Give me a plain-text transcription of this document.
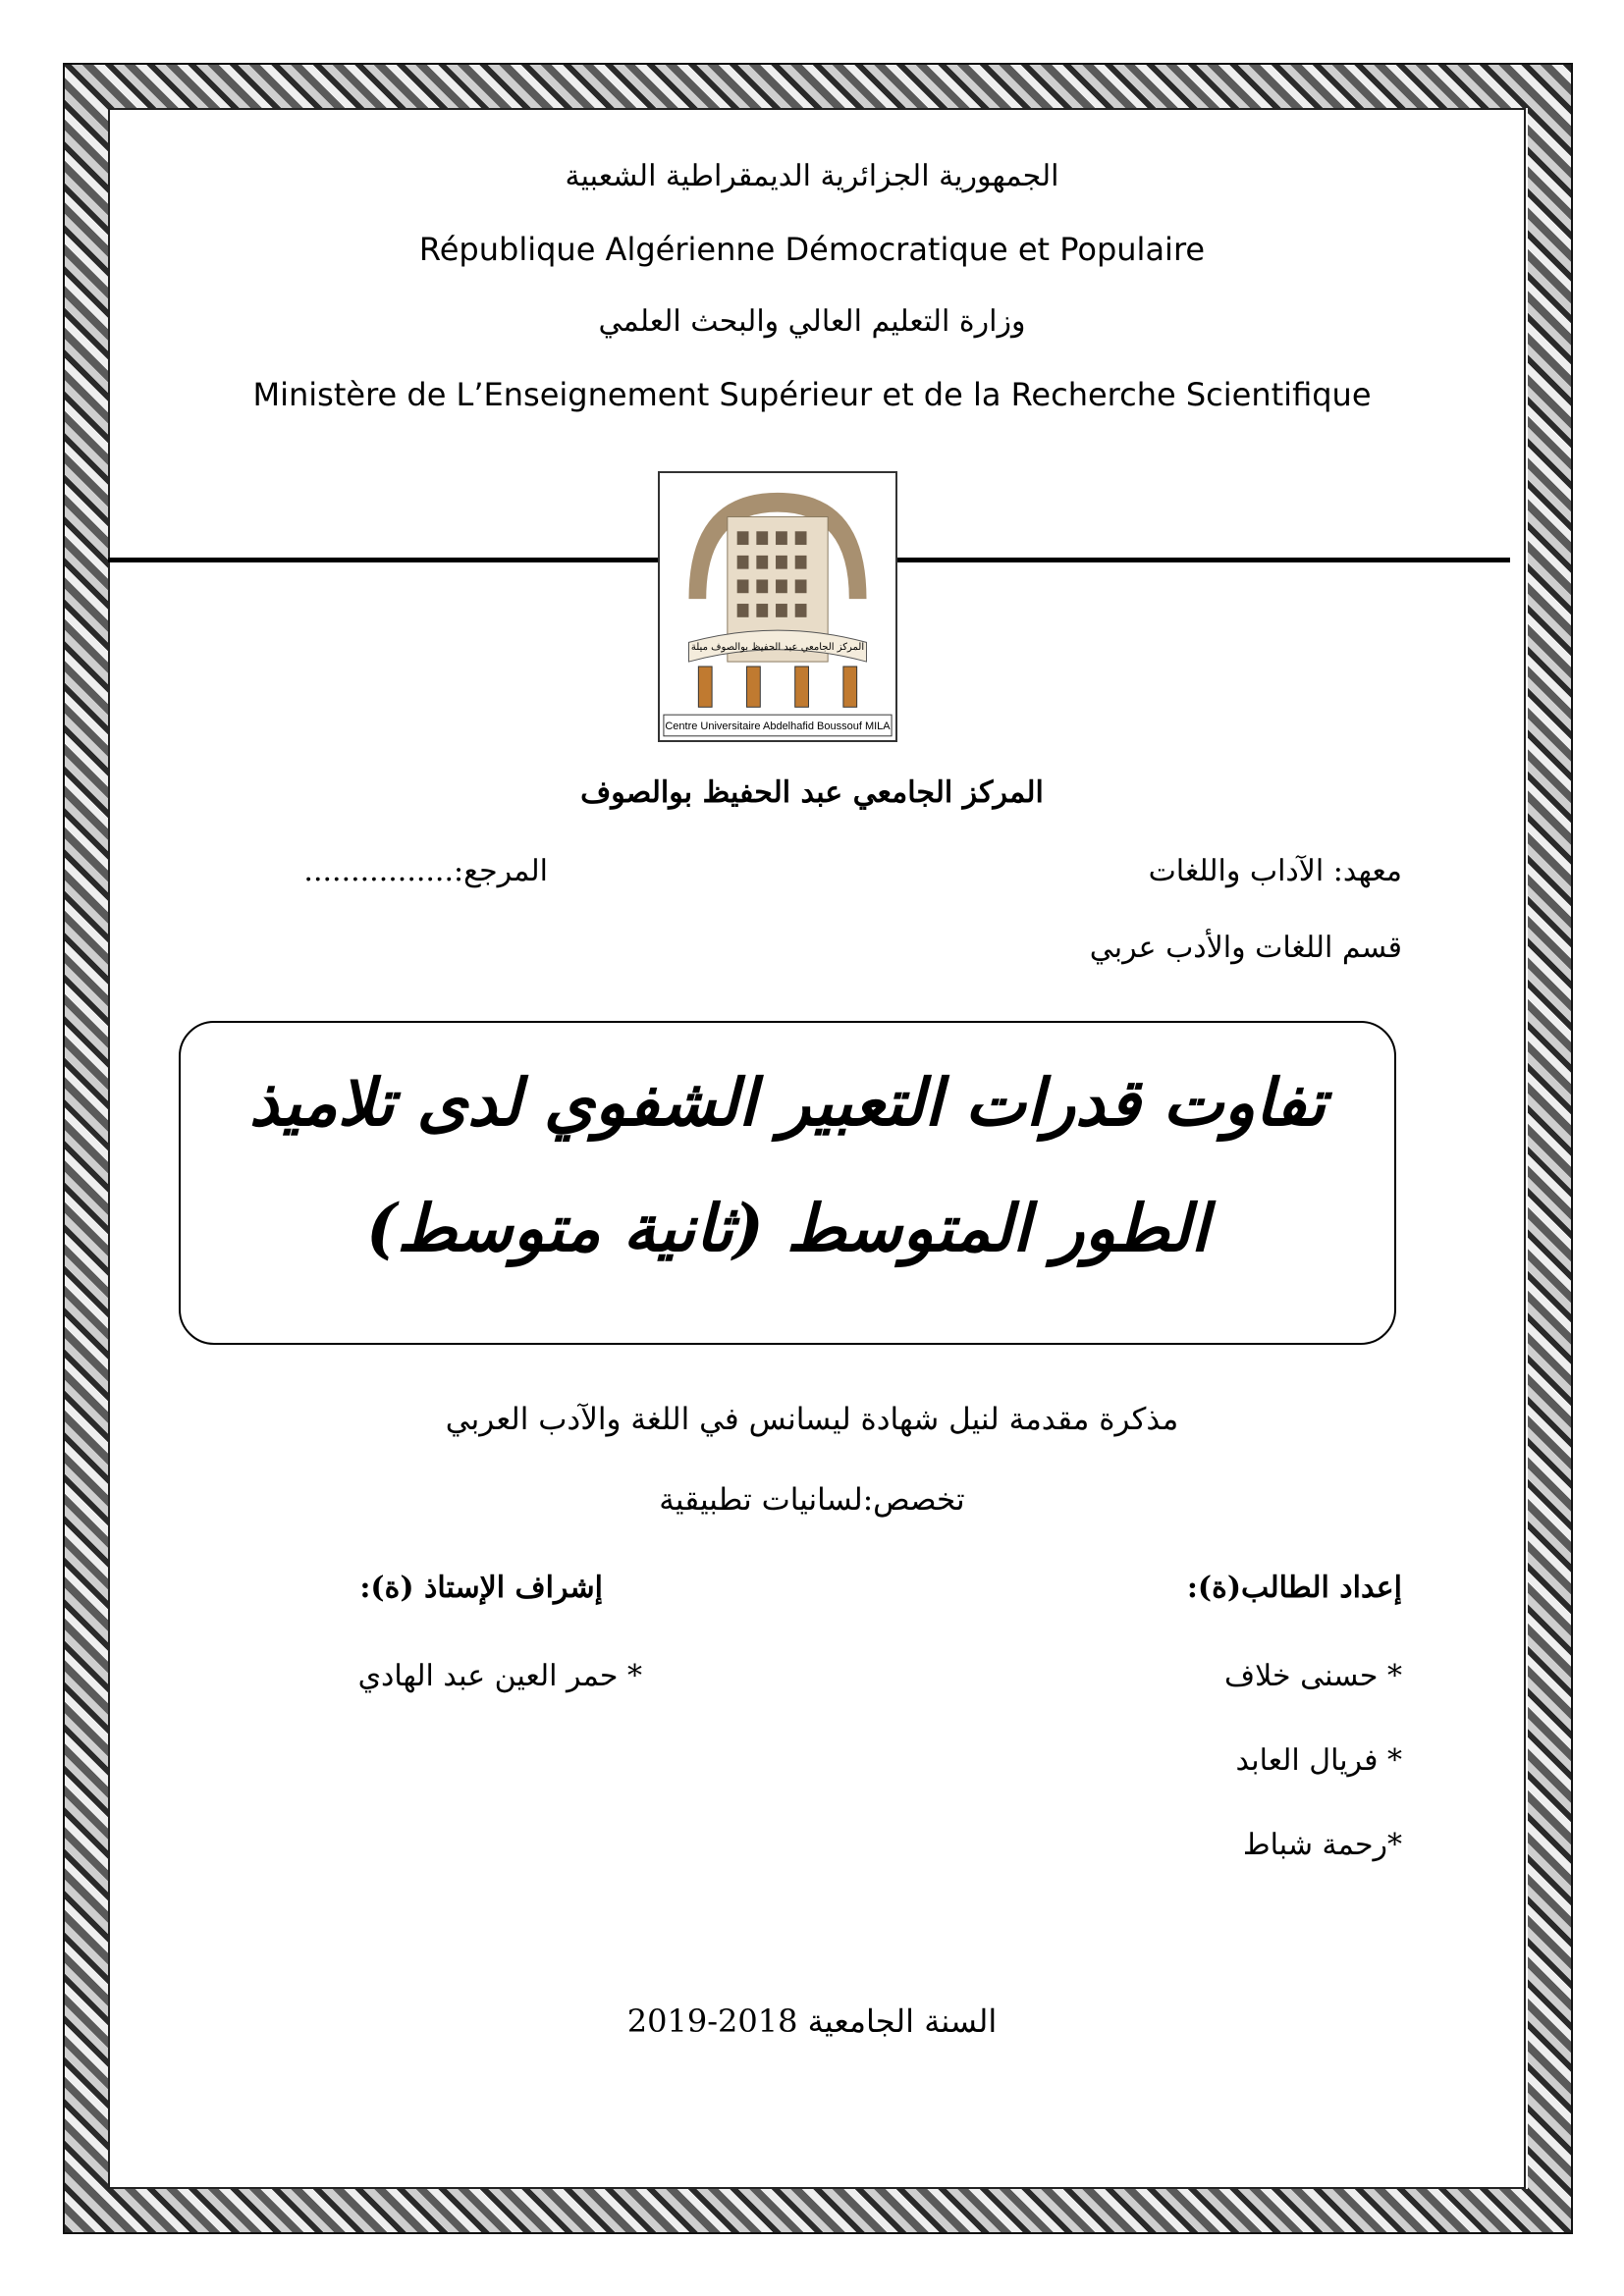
الجمهورية الجزائرية الديمقراطية الشعبية
République Algérienne Démocratique et Populaire
وزارة التعليم العالي والبحث العلمي
Ministère de L’Enseignement Supérieur et de la Recherche Scientifique
Centre Universitaire Abdelhafid Boussouf MILA
المركز الجامعي عبد الحفيظ بوالصوف ميلة
المركز الجامعي عبد الحفيظ بوالصوف
معهد: الآداب واللغات
المرجع:................
قسم اللغات والأدب عربي
تفاوت قدرات التعبير الشفوي لدى تلاميذ
الطور المتوسط (ثانية متوسط)
مذكرة مقدمة لنيل شهادة ليسانس في اللغة والآدب العربي
تخصص:لسانيات تطبيقية
إعداد الطالب(ة):
إشراف الإستاذ (ة):
* حسنى خلاف
* حمر العين عبد الهادي
* فريال العابد
*رحمة شباط
السنة الجامعية 2018-2019
